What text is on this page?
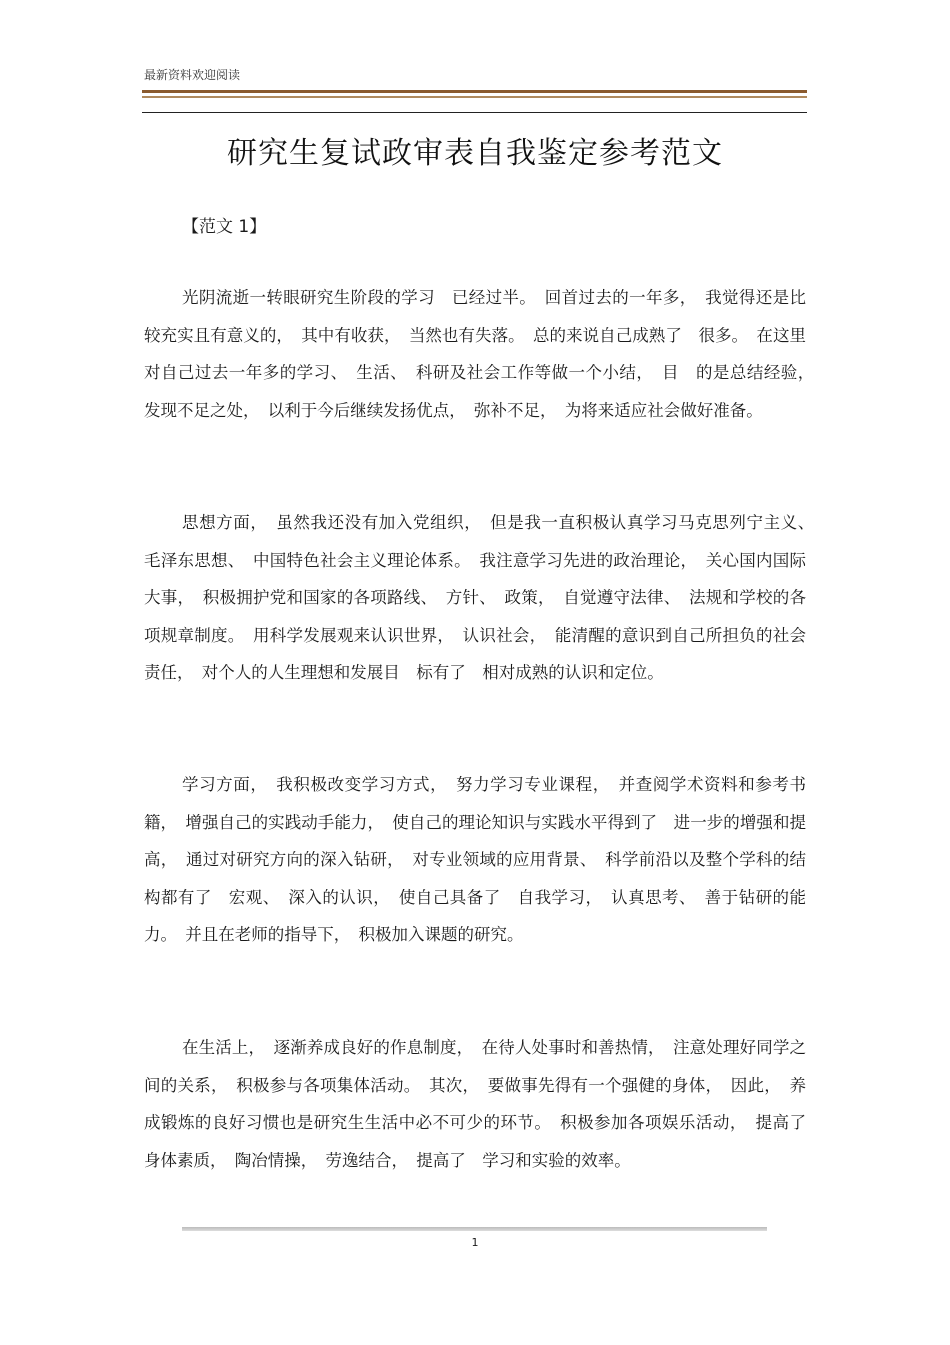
最新资料欢迎阅读
研究生复试政审表自我鉴定参考范文
【范文 1】

光阴流逝一转眼研究生阶段的学习　已经过半。　回首过去的一年多，　我觉得还是比较充实且有意义的，　其中有收获，　当然也有失落。　总的来说自己成熟了　很多。　在这里对自己过去一年多的学习、　生活、　科研及社会工作等做一个小结，　目　的是总结经验，　发现不足之处，　以利于今后继续发扬优点，　弥补不足，　为将来适应社会做好准备。

思想方面，　虽然我还没有加入党组织，　但是我一直积极认真学习马克思列宁主义、　毛泽东思想、　中国特色社会主义理论体系。　我注意学习先进的政治理论，　关心国内国际大事，　积极拥护党和国家的各项路线、　方针、　政策，　自觉遵守法律、　法规和学校的各项规章制度。　用科学发展观来认识世界，　认识社会，　能清醒的意识到自己所担负的社会责任，　对个人的人生理想和发展目　标有了　相对成熟的认识和定位。

学习方面，　我积极改变学习方式，　努力学习专业课程，　并查阅学术资料和参考书籍，　增强自己的实践动手能力，　使自己的理论知识与实践水平得到了　进一步的增强和提高，　通过对研究方向的深入钻研，　对专业领域的应用背景、　科学前沿以及整个学科的结构都有了　宏观、　深入的认识，　使自己具备了　自我学习，　认真思考、　善于钻研的能力。　并且在老师的指导下，　积极加入课题的研究。

在生活上，　逐渐养成良好的作息制度，　在待人处事时和善热情，　注意处理好同学之间的关系，　积极参与各项集体活动。　其次，　要做事先得有一个强健的身体，　因此，　养成锻炼的良好习惯也是研究生生活中必不可少的环节。　积极参加各项娱乐活动，　提高了　身体素质，　陶冶情操，　劳逸结合，　提高了　学习和实验的效率。

1
